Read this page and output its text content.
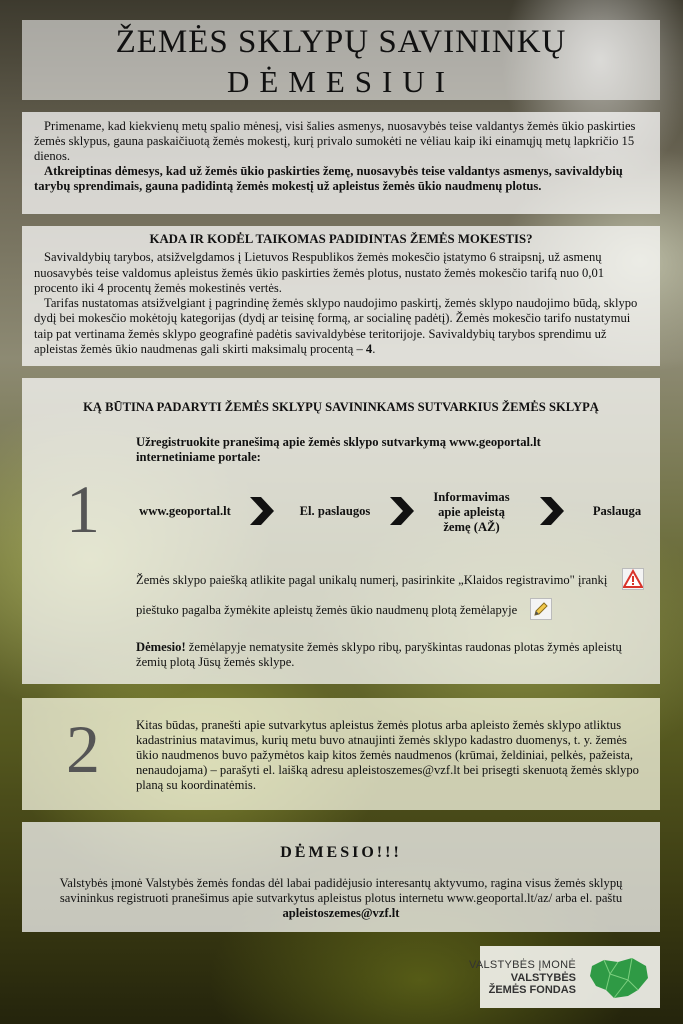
ŽEMĖS SKLYPŲ SAVININKŲ
DĖMESIUI
Primename, kad kiekvienų metų spalio mėnesį, visi šalies asmenys, nuosavybės teise valdantys žemės ūkio paskirties žemės sklypus, gauna paskaičiuotą žemės mokestį, kurį privalo sumokėti ne vėliau kaip iki einamųjų metų lapkričio 15 dienos.
Atkreiptinas dėmesys, kad už žemės ūkio paskirties žemę, nuosavybės teise valdantys asmenys, savivaldybių tarybų sprendimais, gauna padidintą žemės mokestį už apleistus žemės ūkio naudmenų plotus.
KADA IR KODĖL TAIKOMAS PADIDINTAS ŽEMĖS MOKESTIS?
Savivaldybių tarybos, atsižvelgdamos į Lietuvos Respublikos žemės mokesčio įstatymo 6 straipsnį, už asmenų nuosavybės teise valdomus apleistus žemės ūkio paskirties žemės plotus, nustato žemės mokesčio tarifą nuo 0,01 procento iki 4 procentų žemės mokestinės vertės.
Tarifas nustatomas atsižvelgiant į pagrindinę žemės sklypo naudojimo paskirtį, žemės sklypo naudojimo būdą, sklypo dydį bei mokesčio mokėtojų kategorijas (dydį ar teisinę formą, ar socialinę padėtį). Žemės mokesčio tarifo nustatymui taip pat vertinama žemės sklypo geografinė padėtis savivaldybėse teritorijoje. Savivaldybių tarybos sprendimu už apleistas žemės ūkio naudmenas gali skirti maksimalų procentą – 4.
KĄ BŪTINA PADARYTI ŽEMĖS SKLYPŲ SAVININKAMS SUTVARKIUS ŽEMĖS SKLYPĄ
1
Užregistruokite pranešimą apie žemės sklypo sutvarkymą www.geoportal.lt internetiniame portale:
www.geoportal.lt	El. paslaugos
Informavimas apie apleistą žemę (AŽ)
Paslauga
Žemės sklypo paiešką atlikite pagal unikalų numerį, pasirinkite „Klaidos registravimo" įrankį
pieštuko pagalba žymėkite apleistų žemės ūkio naudmenų plotą žemėlapyje
Dėmesio! žemėlapyje nematysite žemės sklypo ribų, paryškintas raudonas plotas žymės apleistų žemių plotą Jūsų žemės sklype.
2	Kitas būdas, pranešti apie sutvarkytus apleistus žemės plotus arba apleisto žemės sklypo atliktus kadastrinius matavimus, kurių metu buvo atnaujinti žemės sklypo kadastro duomenys, t. y. žemės ūkio naudmenos buvo pažymėtos kaip kitos žemės naudmenos (krūmai, želdiniai, pelkės, pažeista, nenaudojama) – parašyti el. laišką adresu apleistoszemes@vzf.lt bei prisegti skenuotą žemės sklypo planą su koordinatėmis.
DĖMESIO!!!
Valstybės įmonė Valstybės žemės fondas dėl labai padidėjusio interesantų aktyvumo, ragina visus žemės sklypų savininkus registruoti pranešimus apie sutvarkytus apleistus plotus internetu www.geoportal.lt/az/ arba el. paštu
apleistoszemes@vzf.lt
VALSTYBĖS ĮMONĖ
VALSTYBĖS
ŽEMĖS FONDAS
